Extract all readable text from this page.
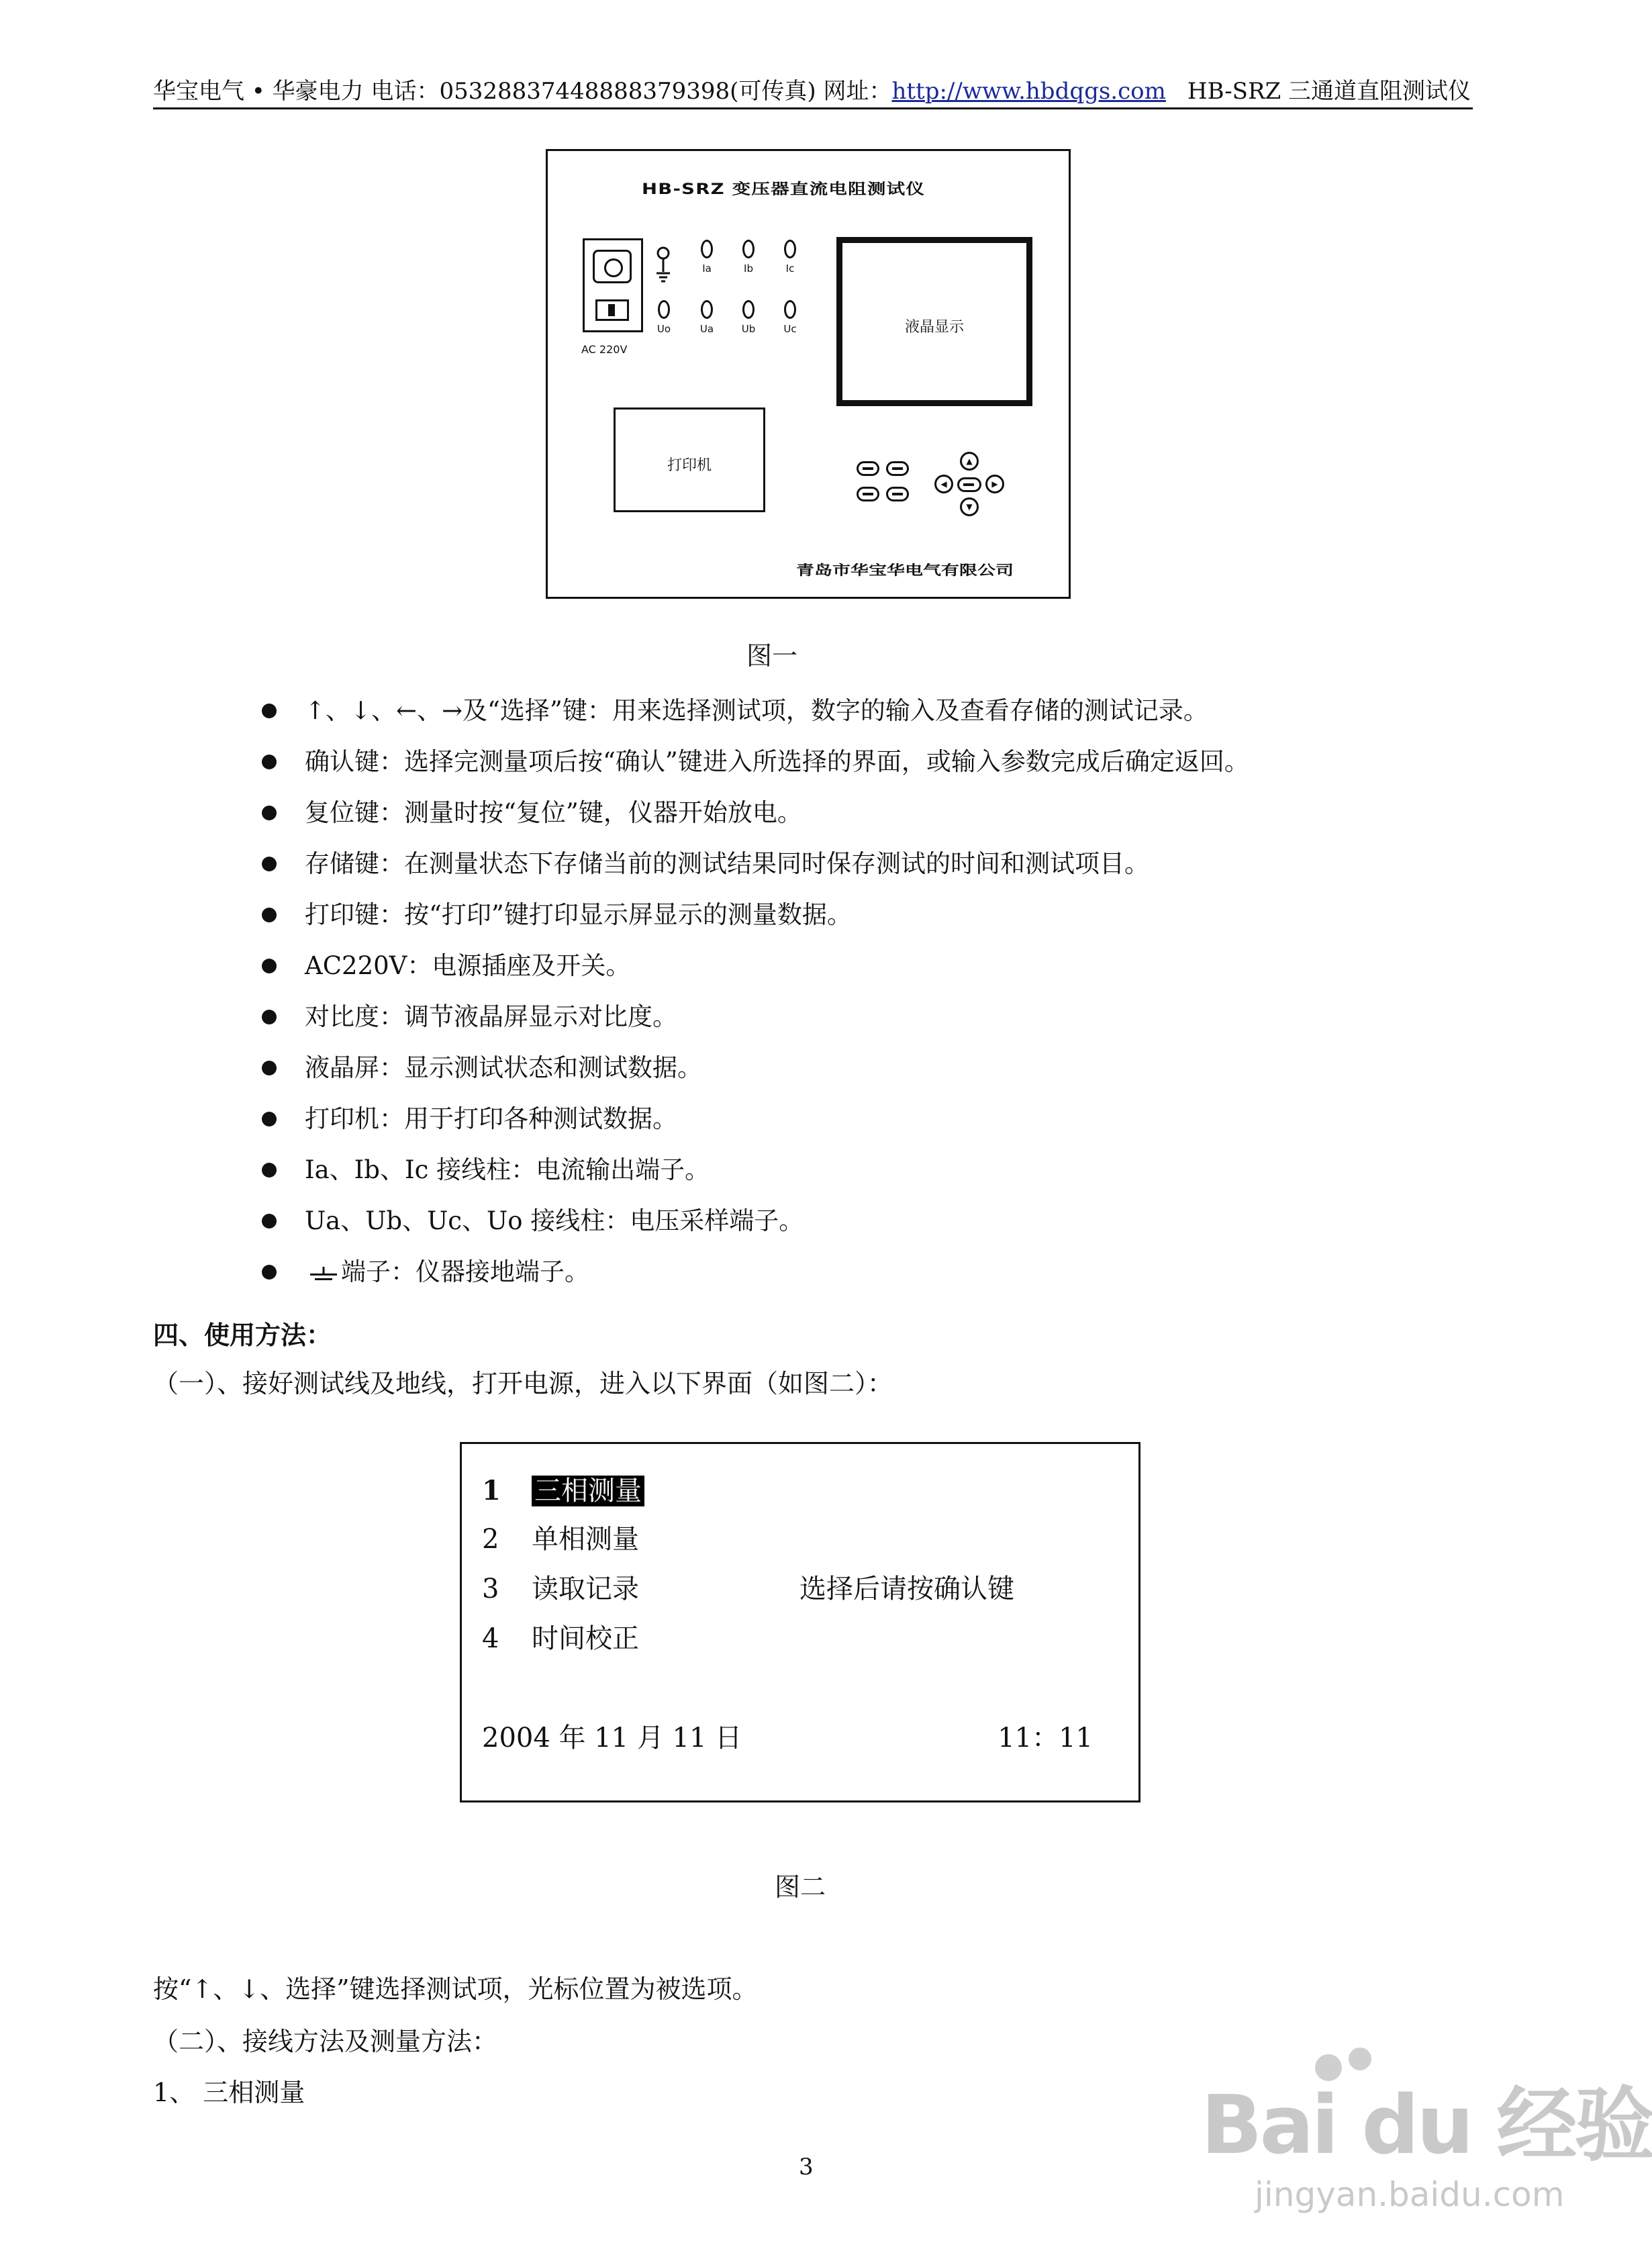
华宝电气 • 华豪电力 电话：05328837448888379398(可传真) 网址：http://www.hbdqgs.com HB-SRZ 三通道直阻测试仪
HB-SRZ 变压器直流电阻测试仪
AC 220V
Ia	Ib	Ic
Uo	Ua	Ub	Uc	液晶显示
打印机	▲
◀	▶
▼
青岛市华宝华电气有限公司
图一
↑、↓、←、→及“选择”键：用来选择测试项，数字的输入及查看存储的测试记录。
确认键：选择完测量项后按“确认”键进入所选择的界面，或输入参数完成后确定返回。
复位键：测量时按“复位”键，仪器开始放电。
存储键：在测量状态下存储当前的测试结果同时保存测试的时间和测试项目。
打印键：按“打印”键打印显示屏显示的测量数据。
AC220V：电源插座及开关。
对比度：调节液晶屏显示对比度。
液晶屏：显示测试状态和测试数据。
打印机：用于打印各种测试数据。
Ia、Ib、Ic 接线柱：电流输出端子。
Ua、Ub、Uc、Uo 接线柱：电压采样端子。
端子：仪器接地端子。
四、使用方法：
（一）、接好测试线及地线，打开电源，进入以下界面（如图二）：
1 三相测量
2 单相测量
3 读取记录
4 时间校正
选择后请按确认键
2004 年 11 月 11 日	11：11
图二
按“↑、↓、选择”键选择测试项，光标位置为被选项。
（二）、接线方法及测量方法：
1、 三相测量
3	Bai du 经验
jingyan.baidu.com
